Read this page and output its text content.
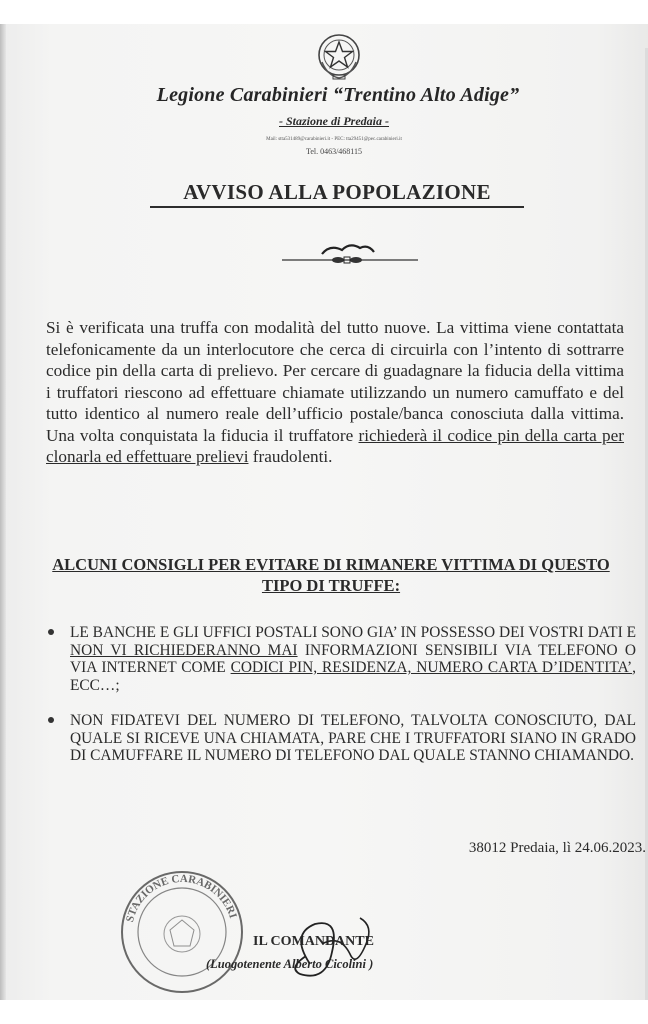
Legione Carabinieri “Trentino Alto Adige”
- Stazione di Predaia -
Mail: stta531489@carabinieri.it - PEC: tta29451@pec.carabinieri.it
Tel. 0463/468115
AVVISO ALLA POPOLAZIONE
Si è verificata una truffa con modalità del tutto nuove. La vittima viene contattata telefonicamente da un interlocutore che cerca di circuirla con l’intento di sottrarre codice pin della carta di prelievo. Per cercare di guadagnare la fiducia della vittima i truffatori riescono ad effettuare chiamate utilizzando un numero camuffato e del tutto identico al numero reale dell’ufficio postale/banca conosciuta dalla vittima. Una volta conquistata la fiducia il truffatore richiederà il codice pin della carta per clonarla ed effettuare prelievi fraudolenti.
ALCUNI CONSIGLI PER EVITARE DI RIMANERE VITTIMA DI QUESTO TIPO DI TRUFFE:
LE BANCHE E GLI UFFICI POSTALI SONO GIA’ IN POSSESSO DEI VOSTRI DATI E NON VI RICHIEDERANNO MAI INFORMAZIONI SENSIBILI VIA TELEFONO O VIA INTERNET COME CODICI PIN, RESIDENZA, NUMERO CARTA D’IDENTITA’, ECC…;
NON FIDATEVI DEL NUMERO DI TELEFONO, TALVOLTA CONOSCIUTO, DAL QUALE SI RICEVE UNA CHIAMATA, PARE CHE I TRUFFATORI SIANO IN GRADO DI CAMUFFARE IL NUMERO DI TELEFONO DAL QUALE STANNO CHIAMANDO.
38012 Predaia, lì 24.06.2023.
STAZIONE CARABINIERI
IL COMANDANTE
(Luogotenente Alberto Cicolini )
